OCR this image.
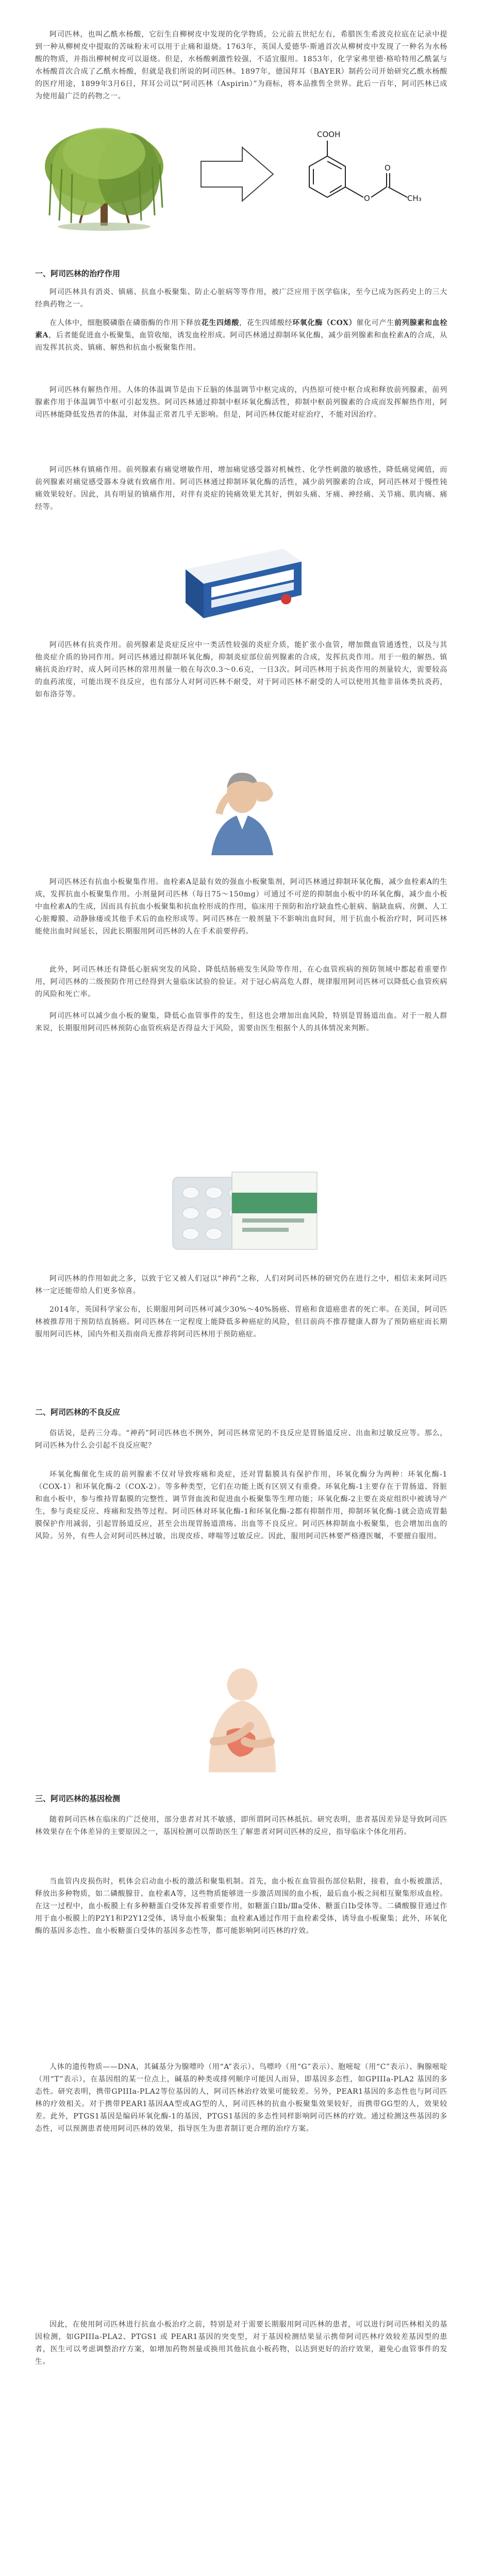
阿司匹林，也叫乙酰水杨酸，它衍生自柳树皮中发现的化学物质，公元前五世纪左右，希腊医生希波克拉底在记录中提到一种从柳树皮中提取的苦味粉末可以用于止痛和退烧。1763年，英国人爱德华·斯通首次从柳树皮中发现了一种名为水杨酸的物质，并指出柳树树皮可以退烧。但是，水杨酸刺激性较强，不适宜服用。1853年，化学家弗里德·格哈特用乙酰氯与水杨酸首次合成了乙酰水杨酸，但就是我们所说的阿司匹林。1897年，德国拜耳（BAYER）制药公司开始研究乙酰水杨酸的医疗用途，1899年3月6日，拜耳公司以“阿司匹林（Aspirin）”为商标，将本品推售全世界。此后一百年，阿司匹林已成为使用最广泛的药物之一。

COOH
O
O
CH₃

一、阿司匹林的治疗作用

阿司匹林具有消炎、镇痛、抗血小板聚集、防止心脏病等等作用，被广泛应用于医学临床，至今已成为医药史上的三大经典药物之一。

在人体中，细胞膜磷脂在磷脂酶的作用下释放花生四烯酸，花生四烯酸经环氧化酶（COX）催化可产生前列腺素和血栓素A，后者能促进血小板聚集，血管收缩，诱发血栓形成。阿司匹林通过抑制环氧化酶，减少前列腺素和血栓素A的合成，从而发挥其抗炎、镇痛、解热和抗血小板聚集作用。

阿司匹林有解热作用。人体的体温调节是由下丘脑的体温调节中枢完成的，内热原可使中枢合成和释放前列腺素，前列腺素作用于体温调节中枢可引起发热。阿司匹林通过抑制中枢环氧化酶活性，抑制中枢前列腺素的合成而发挥解热作用，阿司匹林能降低发热者的体温，对体温正常者几乎无影响。但是，阿司匹林仅能对症治疗，不能对因治疗。

阿司匹林有镇痛作用。前列腺素有痛觉增敏作用，增加痛觉感受器对机械性、化学性刺激的敏感性，降低痛觉阈值，而前列腺素对痛觉感受器本身就有致痛作用。阿司匹林通过抑制环氧化酶的活性，减少前列腺素的合成，阿司匹林对于慢性钝痛效果较好。因此，具有明显的镇痛作用，对伴有炎症的钝痛效果尤其好，例如头痛、牙痛、神经痛、关节痛、肌肉痛、痛经等。

阿司匹林有抗炎作用。前列腺素是炎症反应中一类活性较强的炎症介质，能扩张小血管，增加微血管通透性，以及与其他炎症介质的协同作用。阿司匹林通过抑制环氧化酶，抑制炎症部位前列腺素的合成，发挥抗炎作用。用于一般的解热、镇痛抗炎治疗时，成人阿司匹林的常用剂量一般在每次0.3～0.6克，一日3次。阿司匹林用于抗炎作用的剂量较大，需要较高的血药浓度，可能出现不良反应，也有部分人对阿司匹林不耐受，对于阿司匹林不耐受的人可以使用其他非甾体类抗炎药，如布洛芬等。

阿司匹林还有抗血小板聚集作用。血栓素A是最有效的强血小板聚集剂，阿司匹林通过抑制环氧化酶，减少血栓素A的生成，发挥抗血小板聚集作用。小剂量阿司匹林（每日75～150mg）可通过不可逆的抑制血小板中的环氧化酶，减少血小板中血栓素A的生成，因而具有抗血小板聚集和抗血栓形成的作用，临床用于预防和治疗缺血性心脏病、脑缺血病、房颤、人工心脏瓣膜、动静脉瘘或其他手术后的血栓形成等。阿司匹林在一般剂量下不影响出血时间，用于抗血小板治疗时，阿司匹林能使出血时间延长，因此长期服用阿司匹林的人在手术前要停药。

此外，阿司匹林还有降低心脏病突发的风险、降低结肠癌发生风险等作用，在心血管疾病的预防领域中都起着重要作用，阿司匹林的二级预防作用已经得到大量临床试验的验证。对于冠心病高危人群，规律服用阿司匹林可以降低心血管疾病的风险和死亡率。

阿司匹林可以减少血小板的聚集，降低心血管事件的发生，但这也会增加出血风险，特别是胃肠道出血。对于一般人群来说，长期服用阿司匹林预防心血管疾病是否得益大于风险，需要由医生根据个人的具体情况来判断。

阿司匹林的作用如此之多，以致于它又被人们冠以“神药”之称，人们对阿司匹林的研究仍在进行之中，相信未来阿司匹林一定还能带给人们更多惊喜。

2014年，英国科学家公布，长期服用阿司匹林可减少30%～40%肠癌、胃癌和食道癌患者的死亡率。在美国，阿司匹林被推荐用于预防结直肠癌。阿司匹林在一定程度上能降低多种癌症的风险，但目前尚不推荐健康人群为了预防癌症而长期服用阿司匹林，国内外相关指南尚无推荐将阿司匹林用于预防癌症。

二、阿司匹林的不良反应

俗话说，是药三分毒。“神药”阿司匹林也不例外，阿司匹林常见的不良反应是胃肠道反应、出血和过敏反应等。那么，阿司匹林为什么会引起不良反应呢？

环氧化酶催化生成的前列腺素不仅对导致疼痛和炎症，还对胃黏膜具有保护作用，环氧化酶分为两种：环氧化酶-1（COX-1）和环氧化酶-2（COX-2）。等多种类型，它们在功能上既有区别又有重叠。环氧化酶-1主要存在于胃肠道、肾脏和血小板中，参与维持胃黏膜的完整性、调节肾血流和促进血小板聚集等生理功能；环氧化酶-2主要在炎症组织中被诱导产生，参与炎症反应、疼痛和发热等过程。阿司匹林对环氧化酶-1和环氧化酶-2都有抑制作用，抑制环氧化酶-1就会造成胃黏膜保护作用减弱，引起胃肠道反应，甚至会出现胃肠道溃疡、出血等不良反应。阿司匹林抑制血小板聚集，也会增加出血的风险。另外，有些人会对阿司匹林过敏，出现皮疹、哮喘等过敏反应。因此，服用阿司匹林要严格遵医嘱，不要擅自服用。

三、阿司匹林的基因检测

随着阿司匹林在临床的广泛使用，部分患者对其不敏感，即所谓阿司匹林抵抗。研究表明，患者基因差异是导致阿司匹林效果存在个体差异的主要原因之一，基因检测可以帮助医生了解患者对阿司匹林的反应，指导临床个体化用药。

当血管内皮损伤时，机体会启动血小板的激活和聚集机制。首先，血小板在血管损伤部位粘附，接着，血小板被激活，释放出多种物质，如二磷酸腺苷、血栓素A等，这些物质能够进一步激活周围的血小板，最后血小板之间相互聚集形成血栓。在这一过程中，血小板膜上有多种糖蛋白受体发挥着重要作用，如糖蛋白Ⅱb/Ⅲa受体、糖蛋白Ⅰb受体等。二磷酸腺苷通过作用于血小板膜上的P2Y1和P2Y12受体，诱导血小板聚集；血栓素A通过作用于血栓素受体，诱导血小板聚集；此外，环氧化酶的基因多态性、血小板糖蛋白受体的基因多态性等，都可能影响阿司匹林的疗效。

人体的遗传物质——DNA，其碱基分为腺嘌呤（用“A”表示）、鸟嘌呤（用“G”表示）、胞嘧啶（用“C”表示）、胸腺嘧啶（用“T”表示），在基因组的某一位点上，碱基的种类或排列顺序可能因人而异，即基因多态性，如GPIIIa-PLA2 基因的多态性。研究表明，携带GPIIIa-PLA2等位基因的人，阿司匹林治疗效果可能较差。另外，PEAR1基因的多态性也与阿司匹林的疗效相关。对于携带PEAR1基因AA型或AG型的人，阿司匹林的抗血小板聚集效果较好，而携带GG型的人，效果较差。此外，PTGS1基因是编码环氧化酶-1的基因，PTGS1基因的多态性同样影响阿司匹林的疗效。通过检测这些基因的多态性，可以预测患者使用阿司匹林的效果，指导医生为患者制订更合理的治疗方案。

因此，在使用阿司匹林进行抗血小板治疗之前，特别是对于需要长期服用阿司匹林的患者，可以进行阿司匹林相关的基因检测，如GPIIIa-PLA2、PTGS1 或 PEAR1基因的突变型，对于基因检测结果显示携带阿司匹林疗效较差基因型的患者，医生可以考虑调整治疗方案，如增加药物剂量或换用其他抗血小板药物，以达到更好的治疗效果，避免心血管事件的发生。
